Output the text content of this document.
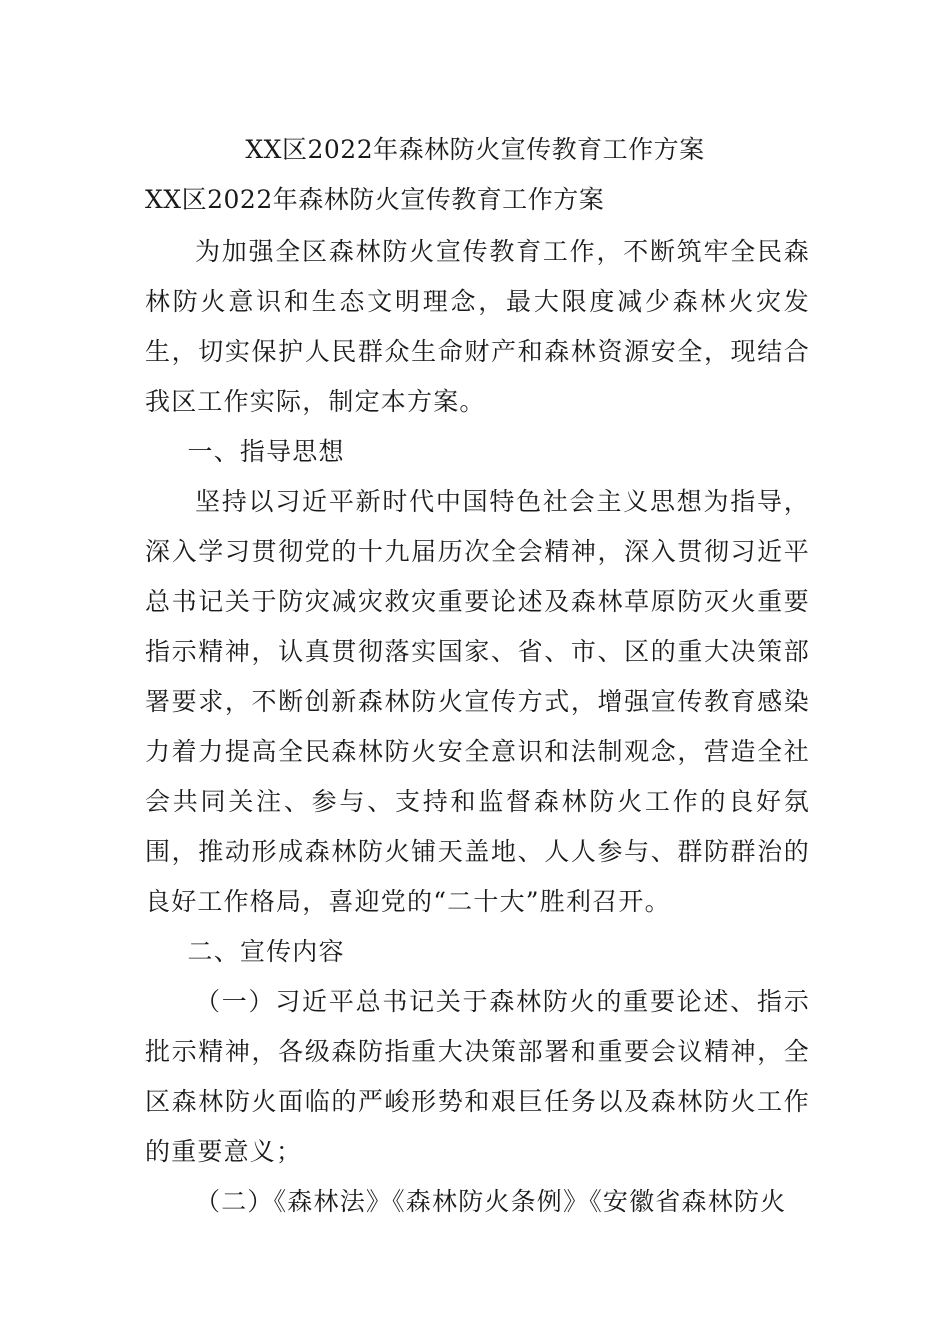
XX区2022年森林防火宣传教育工作方案

XX区2022年森林防火宣传教育工作方案

为加强全区森林防火宣传教育工作，不断筑牢全民森林防火意识和生态文明理念，最大限度减少森林火灾发生，切实保护人民群众生命财产和森林资源安全，现结合我区工作实际，制定本方案。

一、指导思想

坚持以习近平新时代中国特色社会主义思想为指导，深入学习贯彻党的十九届历次全会精神，深入贯彻习近平总书记关于防灾减灾救灾重要论述及森林草原防灭火重要指示精神，认真贯彻落实国家、省、市、区的重大决策部署要求，不断创新森林防火宣传方式，增强宣传教育感染力着力提高全民森林防火安全意识和法制观念，营造全社会共同关注、参与、支持和监督森林防火工作的良好氛围，推动形成森林防火铺天盖地、人人参与、群防群治的良好工作格局，喜迎党的“二十大”胜利召开。

二、宣传内容

（一）习近平总书记关于森林防火的重要论述、指示批示精神，各级森防指重大决策部署和重要会议精神，全区森林防火面临的严峻形势和艰巨任务以及森林防火工作的重要意义；

（二）《森林法》《森林防火条例》《安徽省森林防火
